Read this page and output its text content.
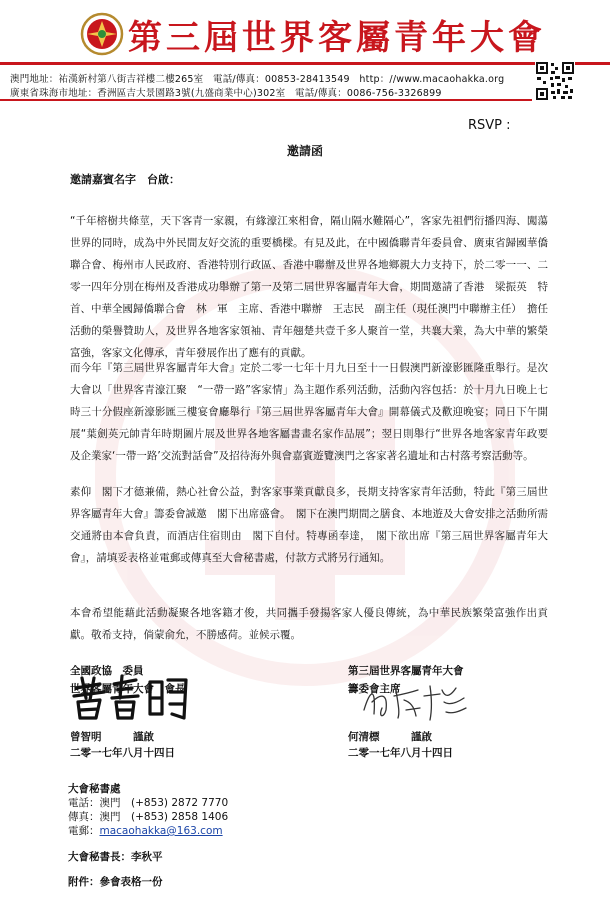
第三屆世界客屬青年大會
澳門地址：祐漢新村第八街吉祥樓二樓265室　電話/傳真：00853-28413549　http：//www.macaohakka.org
廣東省珠海市地址：香洲區吉大景園路3號(九盛商業中心)302室　電話/傳真：0086-756-3326899
RSVP :
邀請函
邀請嘉賓名字　台啟：

“千年榕樹共條莖，天下客青一家親，有緣濠江來相會，隔山隔水難隔心”，客家先祖們衍播四海、闖蕩世界的同時，成為中外民間友好交流的重要橋樑。有見及此，在中國僑聯青年委員會、廣東省歸國華僑聯合會、梅州市人民政府、香港特別行政區、香港中聯辦及世界各地鄉親大力支持下，於二零一一、二零一四年分別在梅州及香港成功舉辦了第一及第二屆世界客屬青年大會，期間邀請了香港　梁振英　特首、中華全國歸僑聯合會　林　軍　主席、香港中聯辦　王志民　副主任（現任澳門中聯辦主任）　擔任活動的榮譽贊助人，及世界各地客家領袖、青年翹楚共壹千多人聚首一堂，共襄大業，為大中華的繁榮富強，客家文化傳承，青年發展作出了應有的貢獻。

而今年『第三屆世界客屬青年大會』定於二零一七年十月九日至十一日假澳門新濠影匯隆重舉行。是次大會以「世界客青濠江聚　“一帶一路”客家情」為主題作系列活動，活動內容包括：於十月九日晚上七時三十分假座新濠影匯三樓宴會廳舉行『第三屆世界客屬青年大會』開幕儀式及歡迎晚宴；同日下午開展“葉劍英元帥青年時期圖片展及世界各地客屬書畫名家作品展”；翌日則舉行“世界各地客家青年政要及企業家‘一帶一路’交流對話會”及招待海外與會嘉賓遊覽澳門之客家著名遺址和古村落考察活動等。

素仰　閣下才德兼備，熱心社會公益，對客家事業貢獻良多，長期支持客家青年活動，特此『第三屆世界客屬青年大會』籌委會誠邀　閣下出席盛會。　閣下在澳門期間之膳食、本地遊及大會安排之活動所需交通將由本會負責，而酒店住宿則由　閣下自付。特專函奉達，　閣下欲出席『第三屆世界客屬青年大會』，請填妥表格並電郵或傳真至大會秘書處，付款方式將另行通知。

本會希望能藉此活動凝聚各地客籍才俊，共同攜手發揚客家人優良傳統，為中華民族繁榮富強作出貢獻。敬希支持，倘蒙俞允，不勝感荷。並候示覆。

全國政協　委員
世界客屬青年大會　會長
第三屆世界客屬青年大會
籌委會主席
曾智明　　　謹啟
二零一七年八月十四日
何清標　　　謹啟
二零一七年八月十四日
大會秘書處
電話：澳門　(+853) 2872 7770
傳真：澳門　(+853) 2858 1406
電郵：macaohakka@163.com
大會秘書長：李秋平
附件：參會表格一份
